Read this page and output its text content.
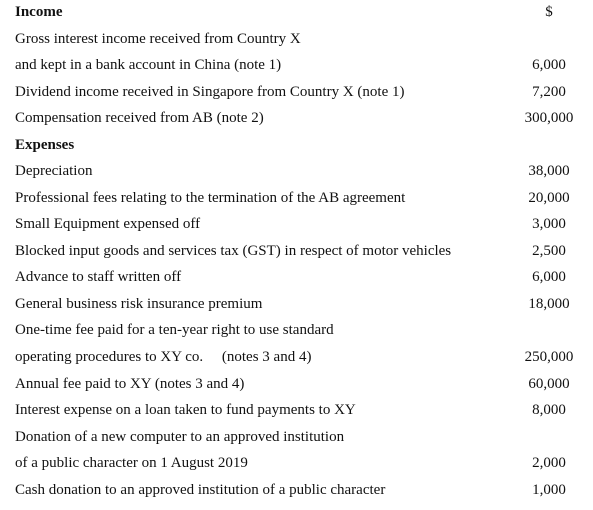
Income	$
Gross interest income received from Country X
and kept in a bank account in China (note 1)	6,000
Dividend income received in Singapore from Country X (note 1)	7,200
Compensation received from AB (note 2)	300,000
Expenses
Depreciation	38,000
Professional fees relating to the termination of the AB agreement	20,000
Small Equipment expensed off	3,000
Blocked input goods and services tax (GST) in respect of motor vehicles	2,500
Advance to staff written off	6,000
General business risk insurance premium	18,000
One-time fee paid for a ten-year right to use standard
operating procedures to XY co.     (notes 3 and 4)	250,000
Annual fee paid to XY (notes 3 and 4)	60,000
Interest expense on a loan taken to fund payments to XY	8,000
Donation of a new computer to an approved institution
of a public character on 1 August 2019	2,000
Cash donation to an approved institution of a public character	1,000
